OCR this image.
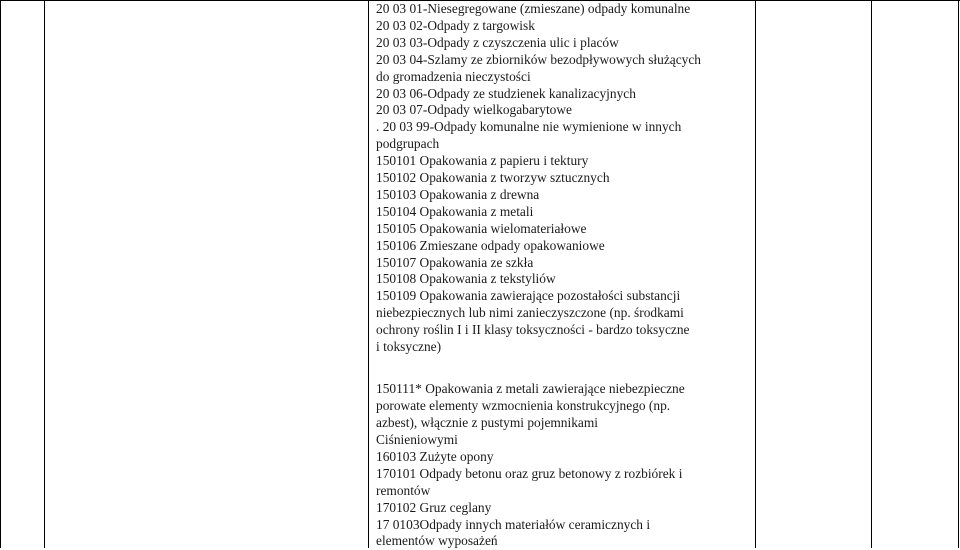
20 03 01-Niesegregowane (zmieszane) odpady komunalne
20 03 02-Odpady z targowisk
20 03 03-Odpady z czyszczenia ulic i placów
20 03 04-Szlamy ze zbiorników bezodpływowych służących
do gromadzenia nieczystości
20 03 06-Odpady ze studzienek kanalizacyjnych
20 03 07-Odpady wielkogabarytowe
. 20 03 99-Odpady komunalne nie wymienione w innych
podgrupach
150101 Opakowania z papieru i tektury
150102 Opakowania z tworzyw sztucznych
150103 Opakowania z drewna
150104 Opakowania z metali
150105 Opakowania wielomateriałowe
150106 Zmieszane odpady opakowaniowe
150107 Opakowania ze szkła
150108 Opakowania z tekstyliów
150109 Opakowania zawierające pozostałości substancji
niebezpiecznych lub nimi zanieczyszczone (np. środkami
ochrony roślin I i II klasy toksyczności - bardzo toksyczne
i toksyczne)
150111* Opakowania z metali zawierające niebezpieczne
porowate elementy wzmocnienia konstrukcyjnego (np.
azbest), włącznie z pustymi pojemnikami
Ciśnieniowymi
160103 Zużyte opony
170101 Odpady betonu oraz gruz betonowy z rozbiórek i
remontów
170102 Gruz ceglany
17 0103Odpady innych materiałów ceramicznych i
elementów wyposażeń
